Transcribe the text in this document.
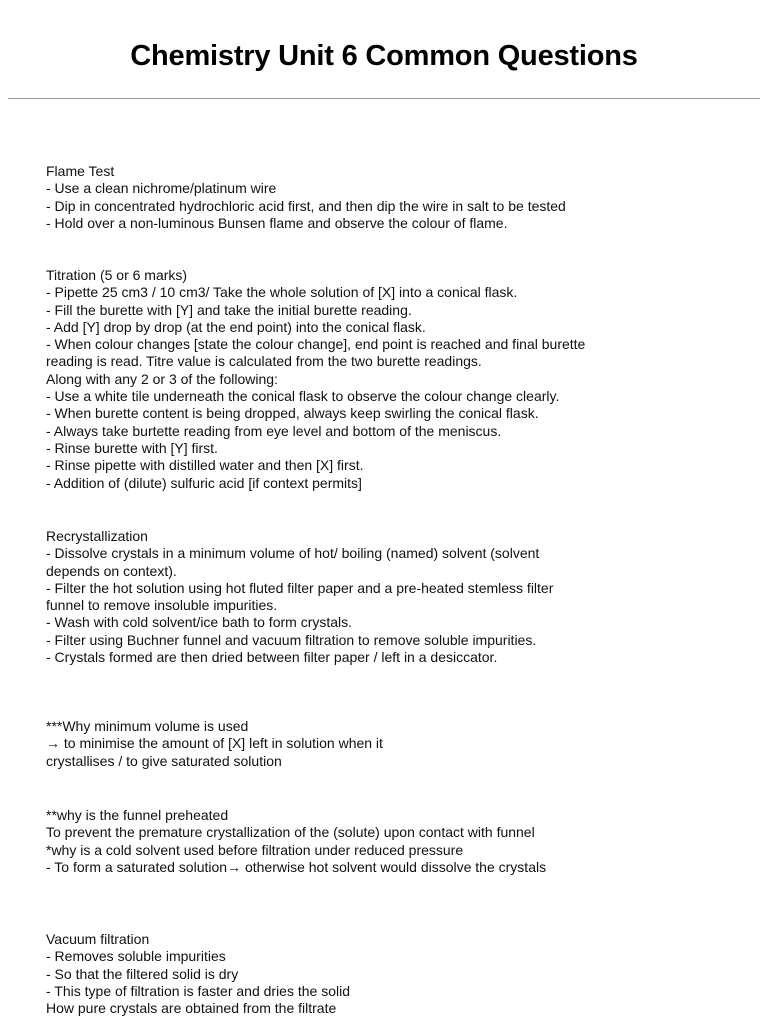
Chemistry Unit 6 Common Questions
Flame Test
- Use a clean nichrome/platinum wire
- Dip in concentrated hydrochloric acid first, and then dip the wire in salt to be tested
- Hold over a non-luminous Bunsen flame and observe the colour of flame.
Titration (5 or 6 marks)
- Pipette 25 cm3 / 10 cm3/ Take the whole solution of [X] into a conical flask.
- Fill the burette with [Y] and take the initial burette reading.
- Add [Y] drop by drop (at the end point) into the conical flask.
- When colour changes [state the colour change], end point is reached and final burette
reading is read. Titre value is calculated from the two burette readings.
Along with any 2 or 3 of the following:
- Use a white tile underneath the conical flask to observe the colour change clearly.
- When burette content is being dropped, always keep swirling the conical flask.
- Always take burtette reading from eye level and bottom of the meniscus.
- Rinse burette with [Y] first.
- Rinse pipette with distilled water and then [X] first.
- Addition of (dilute) sulfuric acid [if context permits]
Recrystallization
- Dissolve crystals in a minimum volume of hot/ boiling (named) solvent (solvent
depends on context).
- Filter the hot solution using hot fluted filter paper and a pre-heated stemless filter
funnel to remove insoluble impurities.
- Wash with cold solvent/ice bath to form crystals.
- Filter using Buchner funnel and vacuum filtration to remove soluble impurities.
- Crystals formed are then dried between filter paper / left in a desiccator.
***Why minimum volume is used
→ to minimise the amount of [X] left in solution when it
crystallises / to give saturated solution
**why is the funnel preheated
To prevent the premature crystallization of the (solute) upon contact with funnel
*why is a cold solvent used before filtration under reduced pressure
- To form a saturated solution→ otherwise hot solvent would dissolve the crystals
Vacuum filtration
- Removes soluble impurities
- So that the filtered solid is dry
- This type of filtration is faster and dries the solid
How pure crystals are obtained from the filtrate
